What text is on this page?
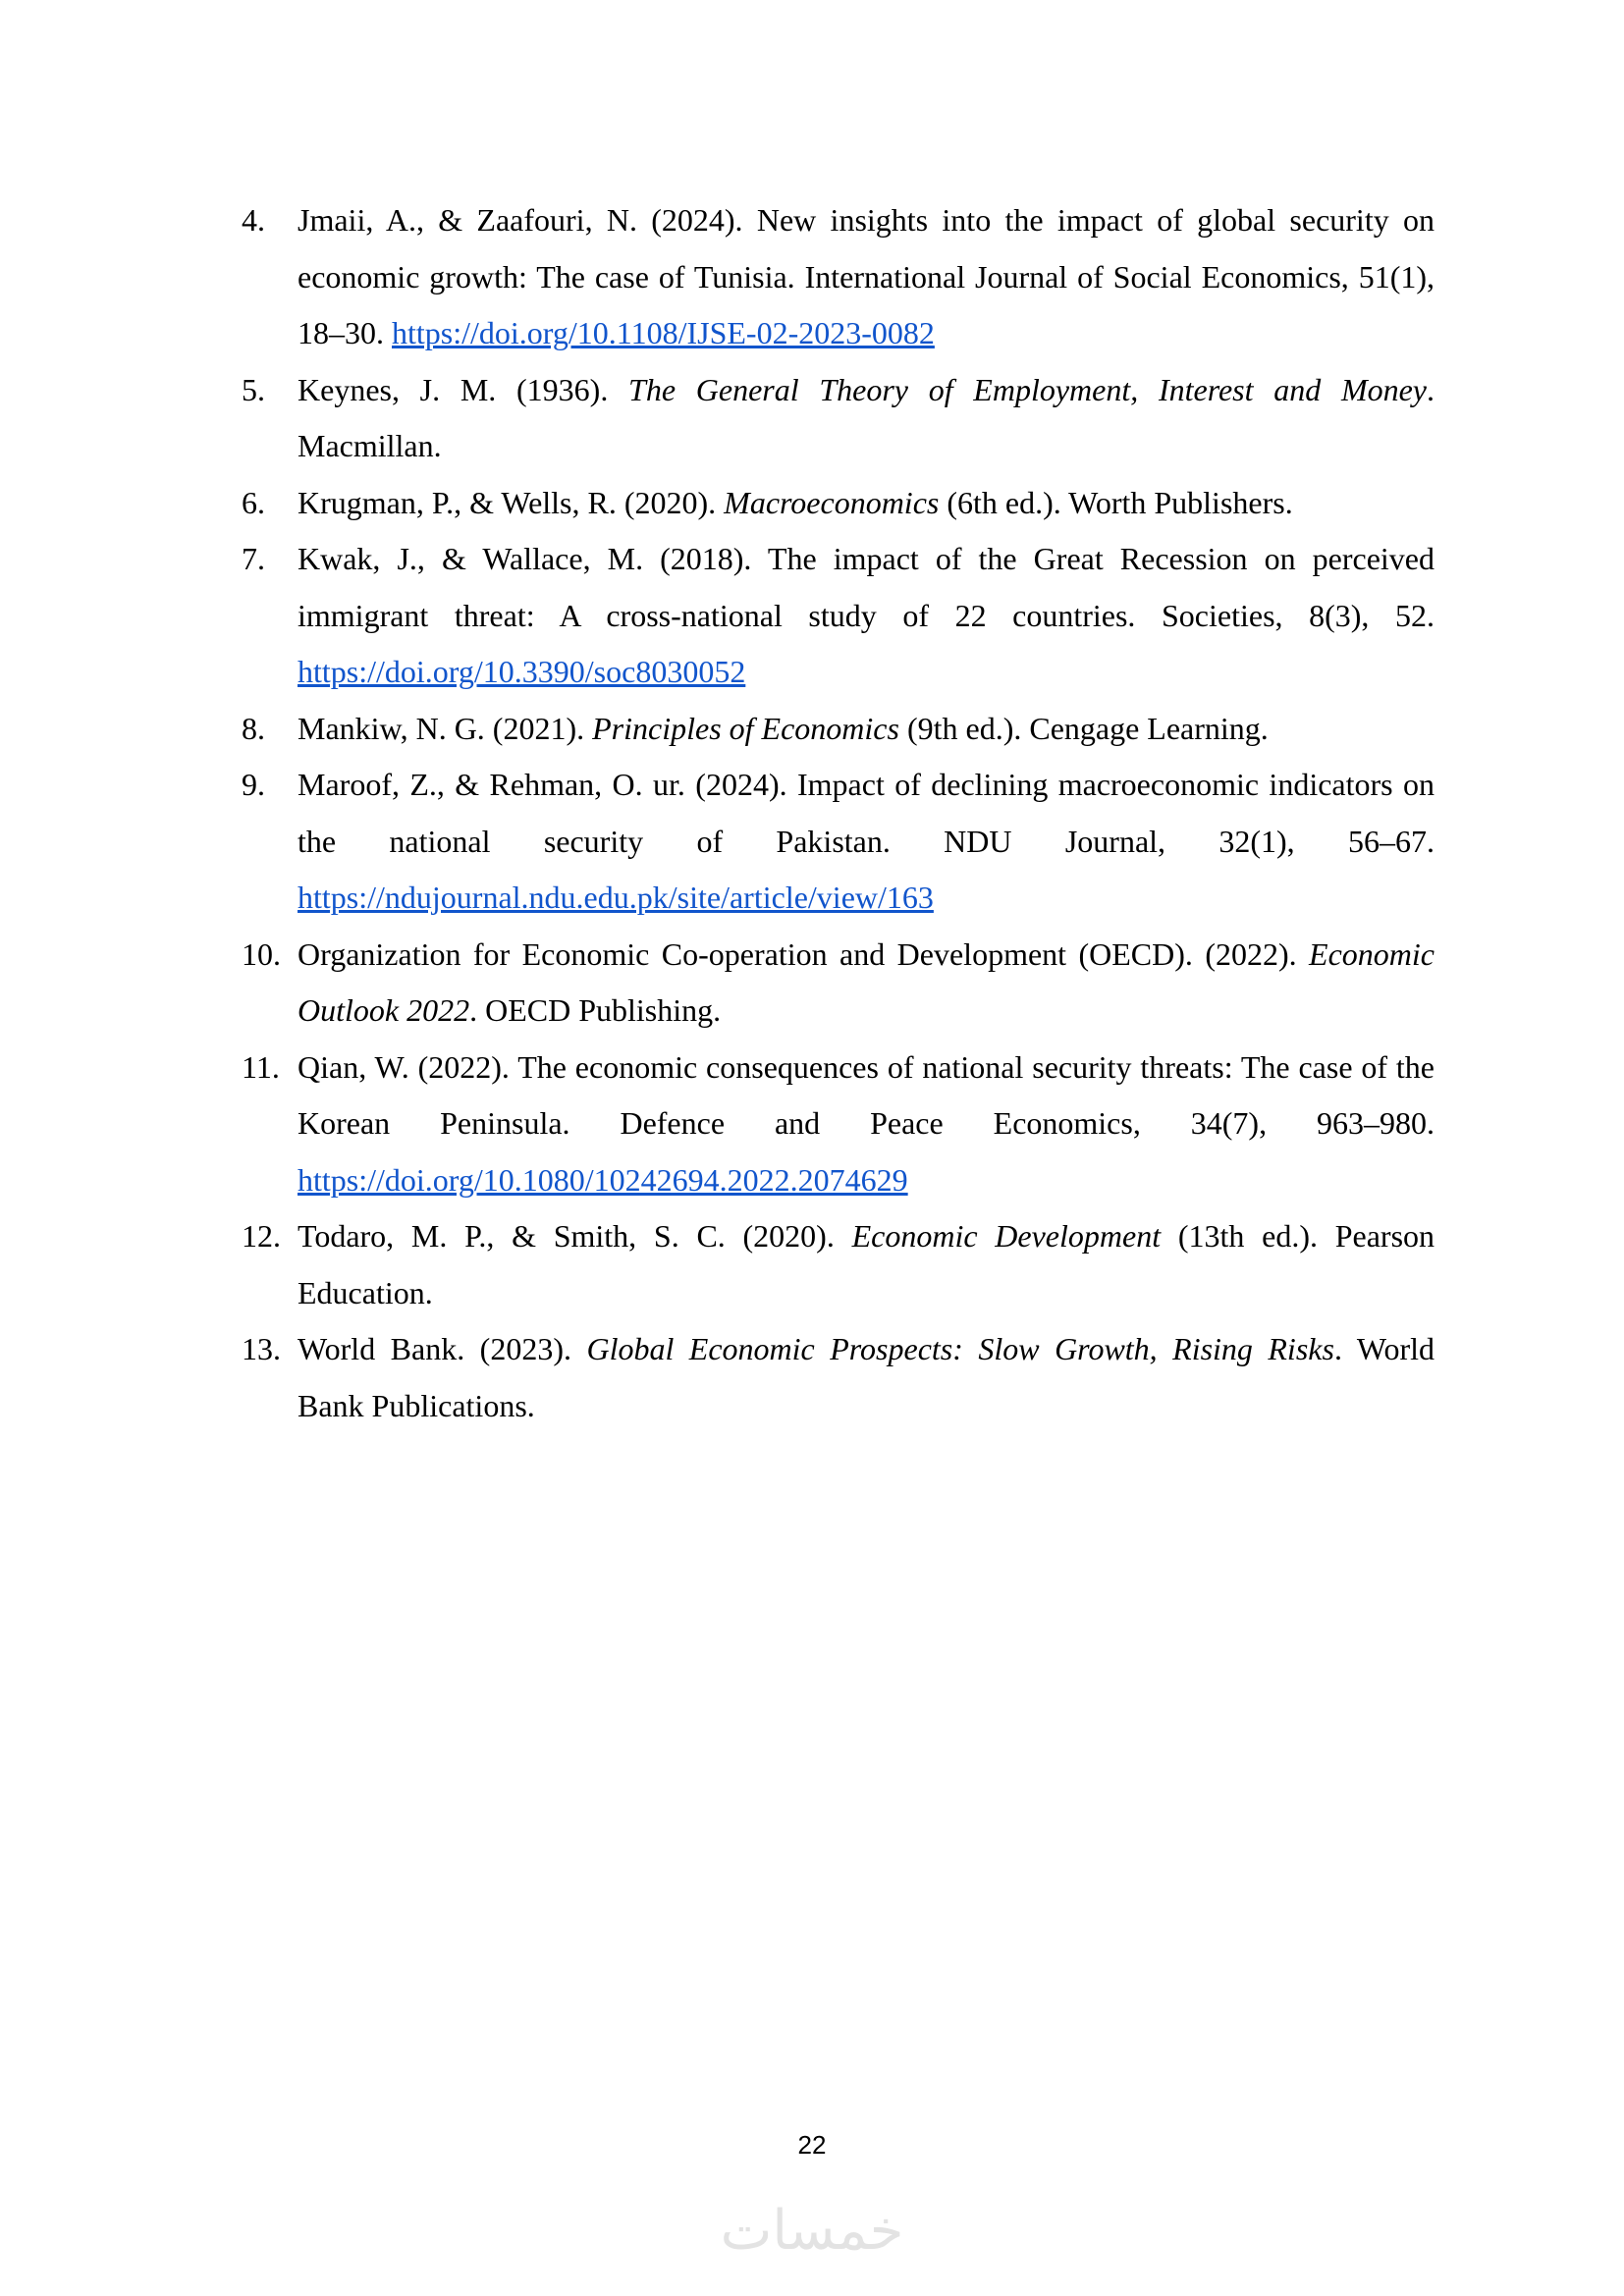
4. Jmaii, A., & Zaafouri, N. (2024). New insights into the impact of global security on economic growth: The case of Tunisia. International Journal of Social Economics, 51(1), 18–30. https://doi.org/10.1108/IJSE-02-2023-0082
5. Keynes, J. M. (1936). The General Theory of Employment, Interest and Money. Macmillan.
6. Krugman, P., & Wells, R. (2020). Macroeconomics (6th ed.). Worth Publishers.
7. Kwak, J., & Wallace, M. (2018). The impact of the Great Recession on perceived immigrant threat: A cross-national study of 22 countries. Societies, 8(3), 52. https://doi.org/10.3390/soc8030052
8. Mankiw, N. G. (2021). Principles of Economics (9th ed.). Cengage Learning.
9. Maroof, Z., & Rehman, O. ur. (2024). Impact of declining macroeconomic indicators on the national security of Pakistan. NDU Journal, 32(1), 56–67. https://ndujournal.ndu.edu.pk/site/article/view/163
10. Organization for Economic Co-operation and Development (OECD). (2022). Economic Outlook 2022. OECD Publishing.
11. Qian, W. (2022). The economic consequences of national security threats: The case of the Korean Peninsula. Defence and Peace Economics, 34(7), 963–980. https://doi.org/10.1080/10242694.2022.2074629
12. Todaro, M. P., & Smith, S. C. (2020). Economic Development (13th ed.). Pearson Education.
13. World Bank. (2023). Global Economic Prospects: Slow Growth, Rising Risks. World Bank Publications.
22
خمسات
